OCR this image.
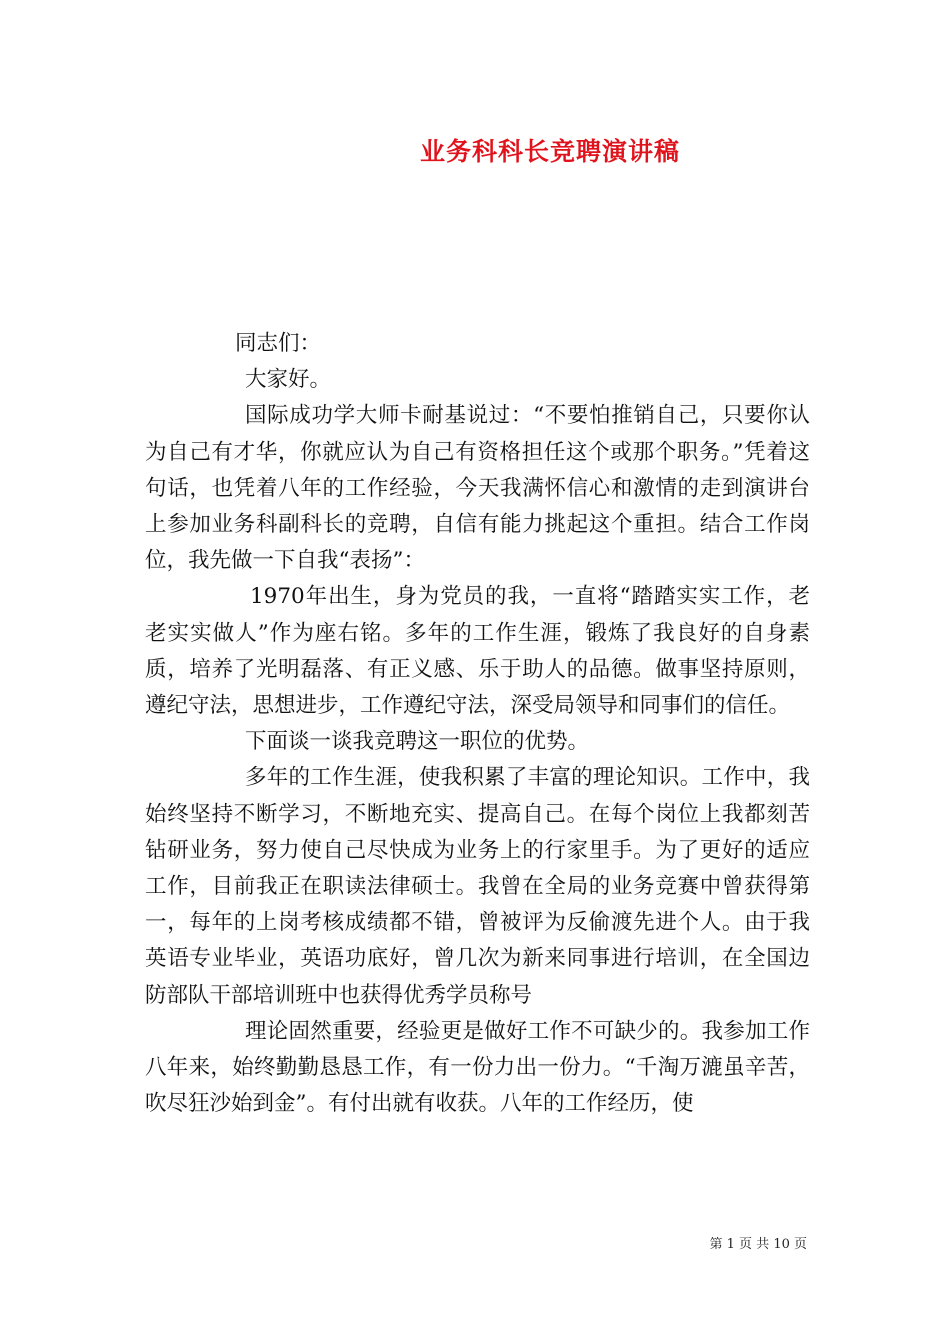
业务科科长竞聘演讲稿

同志们：

大家好。

国际成功学大师卡耐基说过：“不要怕推销自己，只要你认为自己有才华，你就应认为自己有资格担任这个或那个职务。”凭着这句话，也凭着八年的工作经验，今天我满怀信心和激情的走到演讲台上参加业务科副科长的竞聘，自信有能力挑起这个重担。结合工作岗位，我先做一下自我“表扬”：

1970年出生，身为党员的我，一直将“踏踏实实工作，老老实实做人”作为座右铭。多年的工作生涯，锻炼了我良好的自身素质，培养了光明磊落、有正义感、乐于助人的品德。做事坚持原则，遵纪守法，思想进步，工作遵纪守法，深受局领导和同事们的信任。

下面谈一谈我竞聘这一职位的优势。

多年的工作生涯，使我积累了丰富的理论知识。工作中，我始终坚持不断学习，不断地充实、提高自己。在每个岗位上我都刻苦钻研业务，努力使自己尽快成为业务上的行家里手。为了更好的适应工作，目前我正在职读法律硕士。我曾在全局的业务竞赛中曾获得第一，每年的上岗考核成绩都不错，曾被评为反偷渡先进个人。由于我英语专业毕业，英语功底好，曾几次为新来同事进行培训，在全国边防部队干部培训班中也获得优秀学员称号

理论固然重要，经验更是做好工作不可缺少的。我参加工作八年来，始终勤勤恳恳工作，有一份力出一份力。“千淘万漉虽辛苦，吹尽狂沙始到金”。有付出就有收获。八年的工作经历，使

第 1 页 共 10 页
